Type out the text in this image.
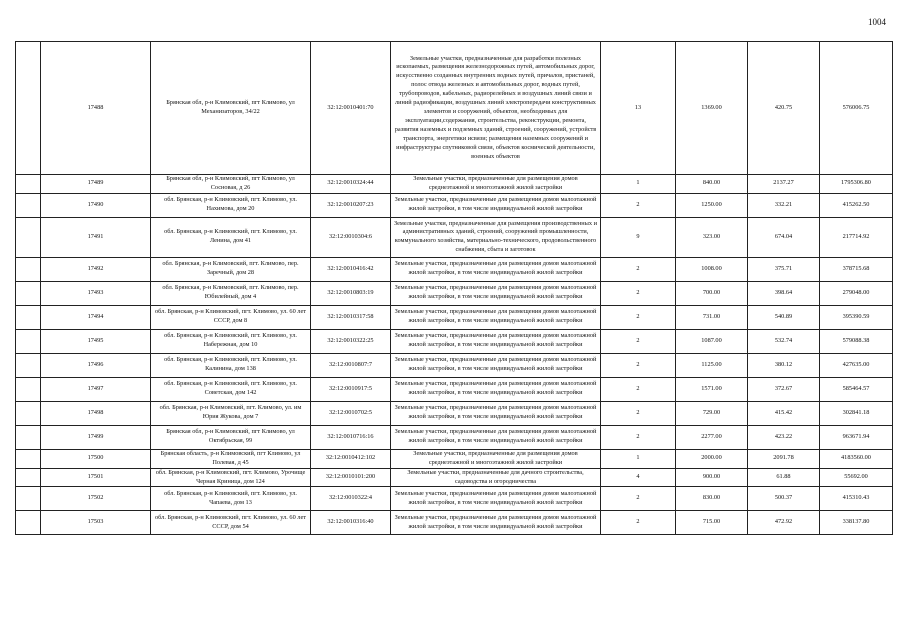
1004
	17488	Брянская обл, р-н Климовский, пгт Климово, ул Механизаторов, 34/22	32:12:0010401:70	Земельные участки, предназначенные для разработки полезных ископаемых, размещения железнодорожных путей, автомобильных дорог, искусственно созданных внутренних водных путей, причалов, пристаней, полос отвода железных и автомобильных дорог, водных путей, трубопроводов, кабельных, радиорелейных и воздушных линий связи и линий радиофикации, воздушных линий электропередачи конструктивных элементов и сооружений, объектов, необходимых для эксплуатации,содержания, строительства, реконструкции, ремонта, развития наземных и подземных зданий, строений, сооружений, устройств транспорта, энергетики исвязи; размещения наземных сооружений и инфраструктуры спутниковой связи, объектов космической деятельности, военных объектов	13	1369.00	420.75	576006.75
	17489	Брянская обл, р-н Климовский, пгт Климово, ул Сосновая, д 26	32:12:0010324:44	Земельные участки, предназначенные для размещения домов среднеэтажной и многоэтажной жилой застройки	1	840.00	2137.27	1795306.80
	17490	обл. Брянская, р-н Климовский, пгт. Климово, ул. Нахимова, дом 20	32:12:0010207:23	Земельные участки, предназначенные для размещения домов малоэтажной жилой застройки, в том числе индивидуальной жилой застройки	2	1250.00	332.21	415262.50
	17491	обл. Брянская, р-н Климовский, пгт. Климово, ул. Ленина, дом 41	32:12:0010304:6	Земельные участки, предназначенные для размещения производственных и административных зданий, строений, сооружений промышленности, коммунального хозяйства, материально-технического, продовольственного снабжения, сбыта и заготовок	9	323.00	674.04	217714.92
	17492	обл. Брянская, р-н Климовский, пгт. Климово, пер. Заречный, дом 28	32:12:0010416:42	Земельные участки, предназначенные для размещения домов малоэтажной жилой застройки, в том числе индивидуальной жилой застройки	2	1008.00	375.71	378715.68
	17493	обл. Брянская, р-н Климовский, пгт. Климово, пер. Юбилейный, дом 4	32:12:0010803:19	Земельные участки, предназначенные для размещения домов малоэтажной жилой застройки, в том числе индивидуальной жилой застройки	2	700.00	398.64	279048.00
	17494	обл. Брянская, р-н Климовский, пгт. Климово, ул. 60 лет СССР, дом 8	32:12:0010317:58	Земельные участки, предназначенные для размещения домов малоэтажной жилой застройки, в том числе индивидуальной жилой застройки	2	731.00	540.89	395390.59
	17495	обл. Брянская, р-н Климовский, пгт. Климово, ул. Набережная, дом 10	32:12:0010322:25	Земельные участки, предназначенные для размещения домов малоэтажной жилой застройки, в том числе индивидуальной жилой застройки	2	1087.00	532.74	579088.38
	17496	обл. Брянская, р-н Климовский, пгт. Климово, ул. Калинина, дом 138	32:12:0010807:7	Земельные участки, предназначенные для размещения домов малоэтажной жилой застройки, в том числе индивидуальной жилой застройки	2	1125.00	380.12	427635.00
	17497	обл. Брянская, р-н Климовский, пгт. Климово, ул. Советская, дом 142	32:12:0010917:5	Земельные участки, предназначенные для размещения домов малоэтажной жилой застройки, в том числе индивидуальной жилой застройки	2	1571.00	372.67	585464.57
	17498	обл. Брянская, р-н Климовский, пгт. Климово, ул. им Юрия Жукова, дом 7	32:12:0010702:5	Земельные участки, предназначенные для размещения домов малоэтажной жилой застройки, в том числе индивидуальной жилой застройки	2	729.00	415.42	302841.18
	17499	Брянская обл, р-н Климовский, пгт Климово, ул Октябрьская, 99	32:12:0010716:16	Земельные участки, предназначенные для размещения домов малоэтажной жилой застройки, в том числе индивидуальной жилой застройки	2	2277.00	423.22	963671.94
	17500	Брянская область, р-н Климовский, пгт Климово, ул Полевая, д 45	32:12:0010412:102	Земельные участки, предназначенные для размещения домов среднеэтажной и многоэтажной жилой застройки	1	2000.00	2091.78	4183560.00
	17501	обл. Брянская, р-н Климовский, пгт. Климово, Урочище Черная Криница, дом 124	32:12:0010101:200	Земельные участки, предназначенные для дачного строительства, садоводства и огородничества	4	900.00	61.88	55692.00
	17502	обл. Брянская, р-н Климовский, пгт. Климово, ул. Чапаева, дом 13	32:12:0010322:4	Земельные участки, предназначенные для размещения домов малоэтажной жилой застройки, в том числе индивидуальной жилой застройки	2	830.00	500.37	415310.43
	17503	обл. Брянская, р-н Климовский, пгт. Климово, ул. 60 лет СССР, дом 54	32:12:0010316:40	Земельные участки, предназначенные для размещения домов малоэтажной жилой застройки, в том числе индивидуальной жилой застройки	2	715.00	472.92	338137.80
